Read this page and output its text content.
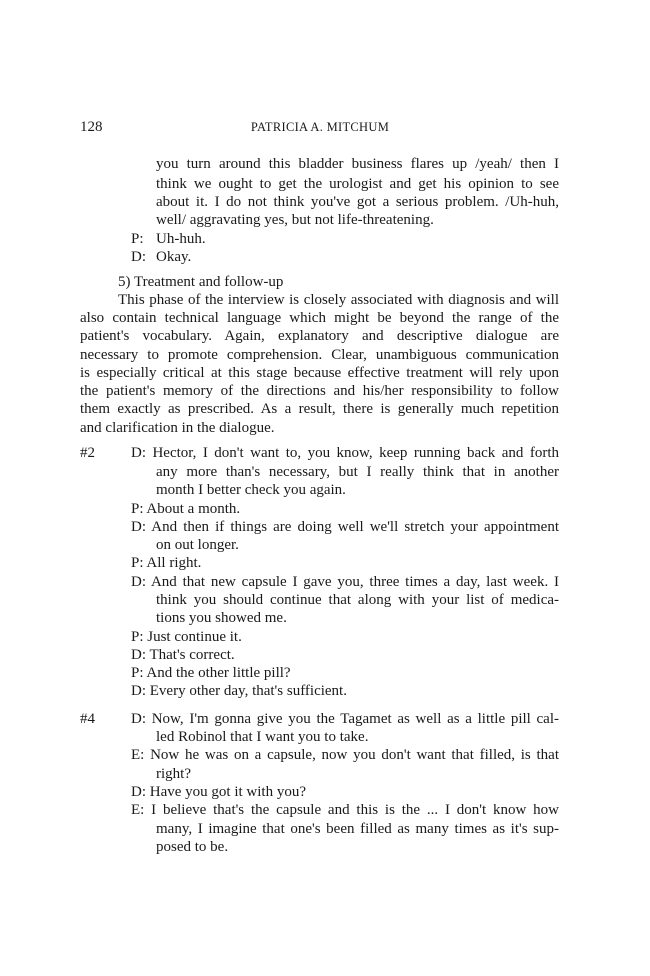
128	PATRICIA A. MITCHUM
you turn around this bladder business flares up /yeah/ then I
think we ought to get the urologist and get his opinion to see
about it. I do not think you've got a serious problem. /Uh-huh,
well/ aggravating yes, but not life-threatening.
P: Uh-huh.
D: Okay.
5) Treatment and follow-up
This phase of the interview is closely associated with diagnosis and will
also contain technical language which might be beyond the range of the
patient's vocabulary. Again, explanatory and descriptive dialogue are
necessary to promote comprehension. Clear, unambiguous communication
is especially critical at this stage because effective treatment will rely upon
the patient's memory of the directions and his/her responsibility to follow
them exactly as prescribed. As a result, there is generally much repetition
and clarification in the dialogue.
#2 D: Hector, I don't want to, you know, keep running back and forth
any more than's necessary, but I really think that in another
month I better check you again.
P: About a month.
D: And then if things are doing well we'll stretch your appointment
on out longer.
P: All right.
D: And that new capsule I gave you, three times a day, last week. I
think you should continue that along with your list of medica-
tions you showed me.
P: Just continue it.
D: That's correct.
P: And the other little pill?
D: Every other day, that's sufficient.
#4 D: Now, I'm gonna give you the Tagamet as well as a little pill cal-
led Robinol that I want you to take.
E: Now he was on a capsule, now you don't want that filled, is that
right?
D: Have you got it with you?
E: I believe that's the capsule and this is the ... I don't know how
many, I imagine that one's been filled as many times as it's sup-
posed to be.
